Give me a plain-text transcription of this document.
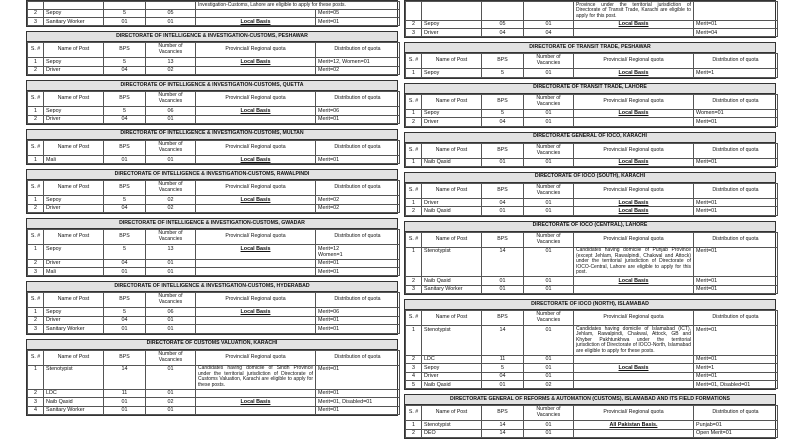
				Investigation-Customs, Lahore are eligible to apply for these posts.	
2	Sepoy	5	05		Merit=05
3	Sanitary Worker	01	01	Local Basis	Merit=01
DIRECTORATE OF INTELLIGENCE & INVESTIGATION-CUSTOMS, PESHAWAR
S. #	Name of Post	BPS	Number of Vacancies	Provincial/ Regional quota	Distribution of quota
1	Sepoy	5	13	Local Basis	Merit=12, Women=01
2	Driver	04	02		Merit=02
DIRECTORATE OF INTELLIGENCE & INVESTIGATION-CUSTOMS, QUETTA
S. #	Name of Post	BPS	Number of Vacancies	Provincial/ Regional quota	Distribution of quota
1	Sepoy	5	06	Local Basis	Merit=06
2	Driver	04	01		Merit=01
DIRECTORATE OF INTELLIGENCE & INVESTIGATION-CUSTOMS, MULTAN
S. #	Name of Post	BPS	Number of Vacancies	Provincial/ Regional quota	Distribution of quota
1	Mali	01	01	Local Basis	Merit=01
DIRECTORATE OF INTELLIGENCE & INVESTIGATION-CUSTOMS, RAWALPINDI
S. #	Name of Post	BPS	Number of Vacancies	Provincial/ Regional quota	Distribution of quota
1	Sepoy	5	02	Local Basis	Merit=02
2	Driver	04	02		Merit=02
DIRECTORATE OF INTELLIGENCE & INVESTIGATION-CUSTOMS, GWADAR
S. #	Name of Post	BPS	Number of Vacancies	Provincial/ Regional quota	Distribution of quota
1	Sepoy	5	13	Local Basis	Merit=12
Women=1
2	Driver	04	01		Merit=01
3	Mali	01	01		Merit=01
DIRECTORATE OF INTELLIGENCE & INVESTIGATION-CUSTOMS, HYDERABAD
S. #	Name of Post	BPS	Number of Vacancies	Provincial/ Regional quota	Distribution of quota
1	Sepoy	5	06	Local Basis	Merit=06
2	Driver	04	01		Merit=01
3	Sanitary Worker	01	01		Merit=01
DIRECTORATE OF CUSTOMS VALUATION, KARACHI
S. #	Name of Post	BPS	Number of Vacancies	Provincial/ Regional quota	Distribution of quota
1	Stenotypist	14	01	Candidates having domicile of Sindh Province under the territorial jurisdiction of Directorate of Customs Valuation, Karachi are eligible to apply for these posts.	Merit=01
2	LDC	11	01		Merit=01
3	Naib Qasid	01	02	Local Basis	Merit=01, Disabled=01
4	Sanitary Worker	01	01		Merit=01
				Province under the territorial jurisdiction of Directorate of Transit Trade, Karachi are eligible to apply for this post.	
2	Sepoy	05	01	Local Basis	Merit=01
3	Driver	04	04		Merit=04
DIRECTORATE OF TRANSIT TRADE, PESHAWAR
S. #	Name of Post	BPS	Number of Vacancies	Provincial/ Regional quota	Distribution of quota
1	Sepoy	5	01	Local Basis	Merit=1
DIRECTORATE OF TRANSIT TRADE, LAHORE
S. #	Name of Post	BPS	Number of Vacancies	Provincial/ Regional quota	Distribution of quota
1	Sepoy	5	01	Local Basis	Women=01
2	Driver	04	01		Merit=01
DIRECTORATE GENERAL OF IOCO, KARACHI
S. #	Name of Post	BPS	Number of Vacancies	Provincial/ Regional quota	Distribution of quota
1	Naib Qasid	01	01	Local Basis	Merit=01
DIRECTORATE OF IOCO (SOUTH), KARACHI
S. #	Name of Post	BPS	Number of Vacancies	Provincial/ Regional quota	Distribution of quota
1	Driver	04	01	Local Basis	Merit=01
2	Naib Qasid	01	01	Local Basis	Merit=01
DIRECTORATE OF IOCO (CENTRAL), LAHORE
S. #	Name of Post	BPS	Number of Vacancies	Provincial/ Regional quota	Distribution of quota
1	Stenotypist	14	01	Candidates having domicile of Punjab Province (except Jehlam, Rawalpindi, Chakwal and Attock) under the territorial jurisdiction of Directorate of IOCO-Central, Lahore are eligible to apply for this post.	Merit=01
2	Naib Qasid	01	01	Local Basis	Merit=01
3	Sanitary Worker	01	01		Merit=01
DIRECTORATE OF IOCO (NORTH), ISLAMABAD
S. #	Name of Post	BPS	Number of Vacancies	Provincial/ Regional quota	Distribution of quota
1	Stenotypist	14	01	Candidates having domicile of Islamabad (ICT), Jehlam, Rawalpindi, Chakwal, Attock, GB and Khyber Pakhtunkhwa under the territorial jurisdiction of Directorate of IOCO-North, Islamabad are eligible to apply for these posts.	Merit=01
2	LDC	11	01		Merit=01
3	Sepoy	5	01	Local Basis	Merit=1
4	Driver	04	01		Merit=01
5	Naib Qasid	01	02		Merit=01, Disabled=01
DIRECTORATE GENERAL OF REFORMS & AUTOMATION (CUSTOMS), ISLAMABAD AND ITS FIELD FORMATIONS
S. #	Name of Post	BPS	Number of Vacancies	Provincial/ Regional quota	Distribution of quota
1	Stenotypist	14	01	All Pakistan Basis.	Punjab=01
2	DEO	14	01		Open Merit=01
